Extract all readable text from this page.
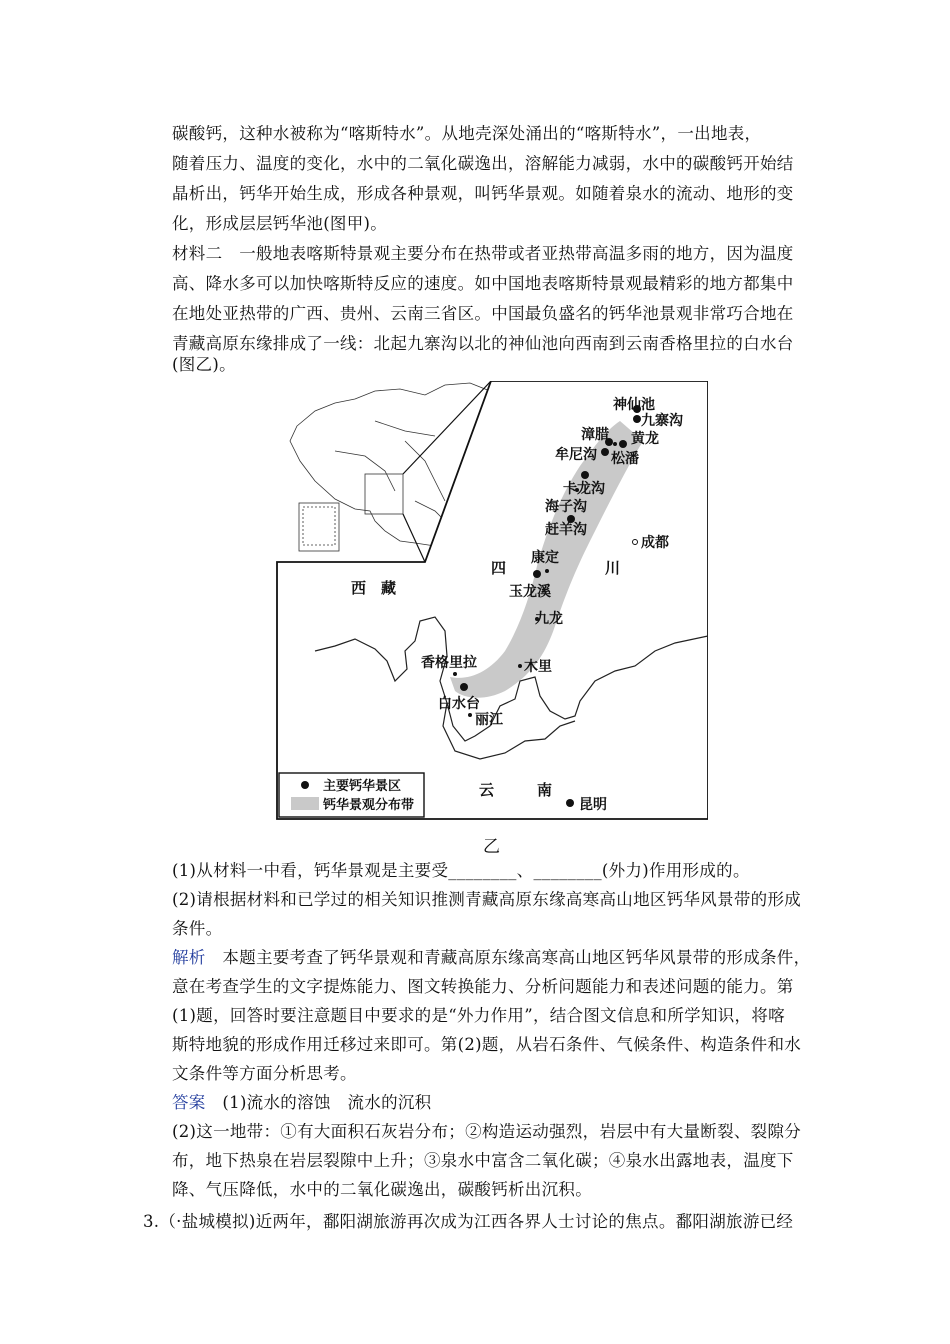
碳酸钙，这种水被称为“喀斯特水”。从地壳深处涌出的“喀斯特水”，一出地表，
随着压力、温度的变化，水中的二氧化碳逸出，溶解能力减弱，水中的碳酸钙开始结
晶析出，钙华开始生成，形成各种景观，叫钙华景观。如随着泉水的流动、地形的变
化，形成层层钙华池(图甲)。
材料二　一般地表喀斯特景观主要分布在热带或者亚热带高温多雨的地方，因为温度
高、降水多可以加快喀斯特反应的速度。如中国地表喀斯特景观最精彩的地方都集中
在地处亚热带的广西、贵州、云南三省区。中国最负盛名的钙华池景观非常巧合地在
青藏高原东缘排成了一线：北起九寨沟以北的神仙池向西南到云南香格里拉的白水台
(图乙)。
神仙池
九寨沟
漳腊 黄龙
松潘
牟尼沟
卡龙沟
海子沟
赶羊沟
成都
康定
玉龙溪
九龙
香格里拉	木里
白水台
丽江
昆明
西　藏
四	川
云	南
主要钙华景区
钙华景观分布带
乙
(1)从材料一中看，钙华景观是主要受________、________(外力)作用形成的。
(2)请根据材料和已学过的相关知识推测青藏高原东缘高寒高山地区钙华风景带的形成
条件。
解析　本题主要考查了钙华景观和青藏高原东缘高寒高山地区钙华风景带的形成条件，
意在考查学生的文字提炼能力、图文转换能力、分析问题能力和表述问题的能力。第
(1)题，回答时要注意题目中要求的是“外力作用”，结合图文信息和所学知识，将喀
斯特地貌的形成作用迁移过来即可。第(2)题，从岩石条件、气候条件、构造条件和水
文条件等方面分析思考。
答案　(1)流水的溶蚀　流水的沉积
(2)这一地带：①有大面积石灰岩分布；②构造运动强烈，岩层中有大量断裂、裂隙分
布，地下热泉在岩层裂隙中上升；③泉水中富含二氧化碳；④泉水出露地表，温度下
降、气压降低，水中的二氧化碳逸出，碳酸钙析出沉积。
3.（·盐城模拟)近两年，鄱阳湖旅游再次成为江西各界人士讨论的焦点。鄱阳湖旅游已经
